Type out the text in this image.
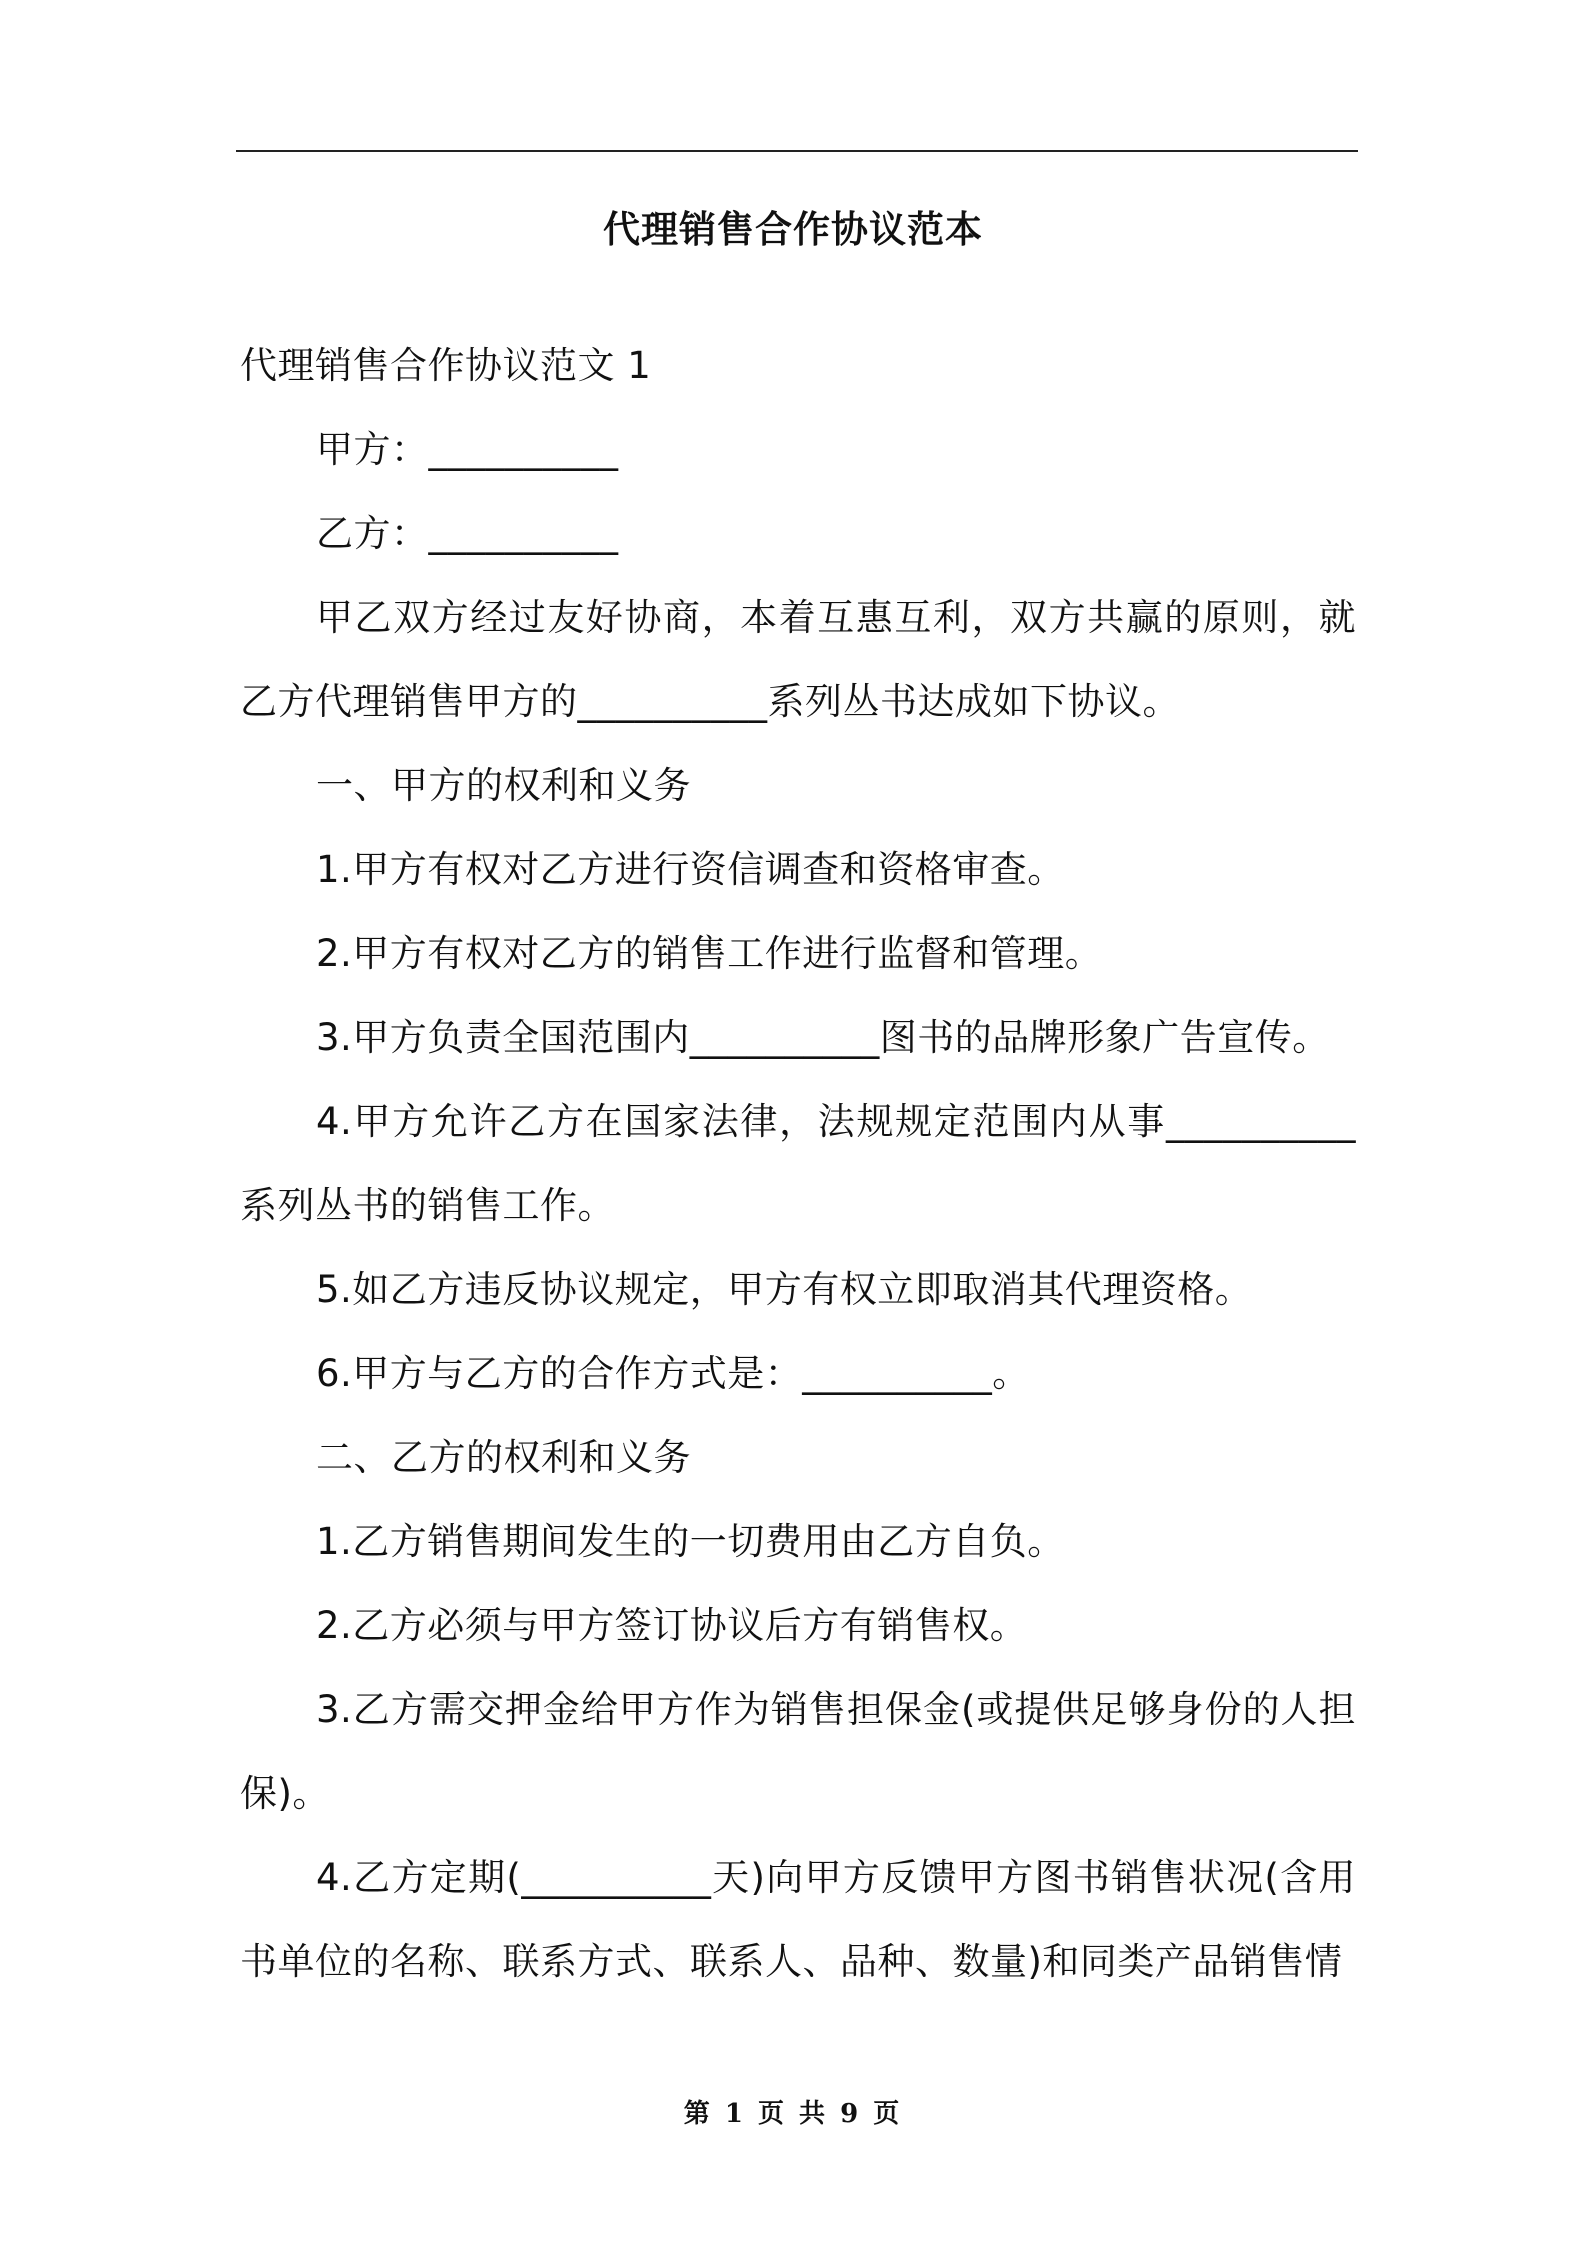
代理销售合作协议范本

代理销售合作协议范文 1

甲方：__________

乙方：__________

甲乙双方经过友好协商，本着互惠互利，双方共赢的原则，就乙方代理销售甲方的__________系列丛书达成如下协议。

一、甲方的权利和义务

1.甲方有权对乙方进行资信调查和资格审查。

2.甲方有权对乙方的销售工作进行监督和管理。

3.甲方负责全国范围内__________图书的品牌形象广告宣传。

4.甲方允许乙方在国家法律，法规规定范围内从事__________系列丛书的销售工作。

5.如乙方违反协议规定，甲方有权立即取消其代理资格。

6.甲方与乙方的合作方式是：__________。

二、乙方的权利和义务

1.乙方销售期间发生的一切费用由乙方自负。

2.乙方必须与甲方签订协议后方有销售权。

3.乙方需交押金给甲方作为销售担保金(或提供足够身份的人担保)。

4.乙方定期(__________天)向甲方反馈甲方图书销售状况(含用书单位的名称、联系方式、联系人、品种、数量)和同类产品销售情

第 1 页 共 9 页
